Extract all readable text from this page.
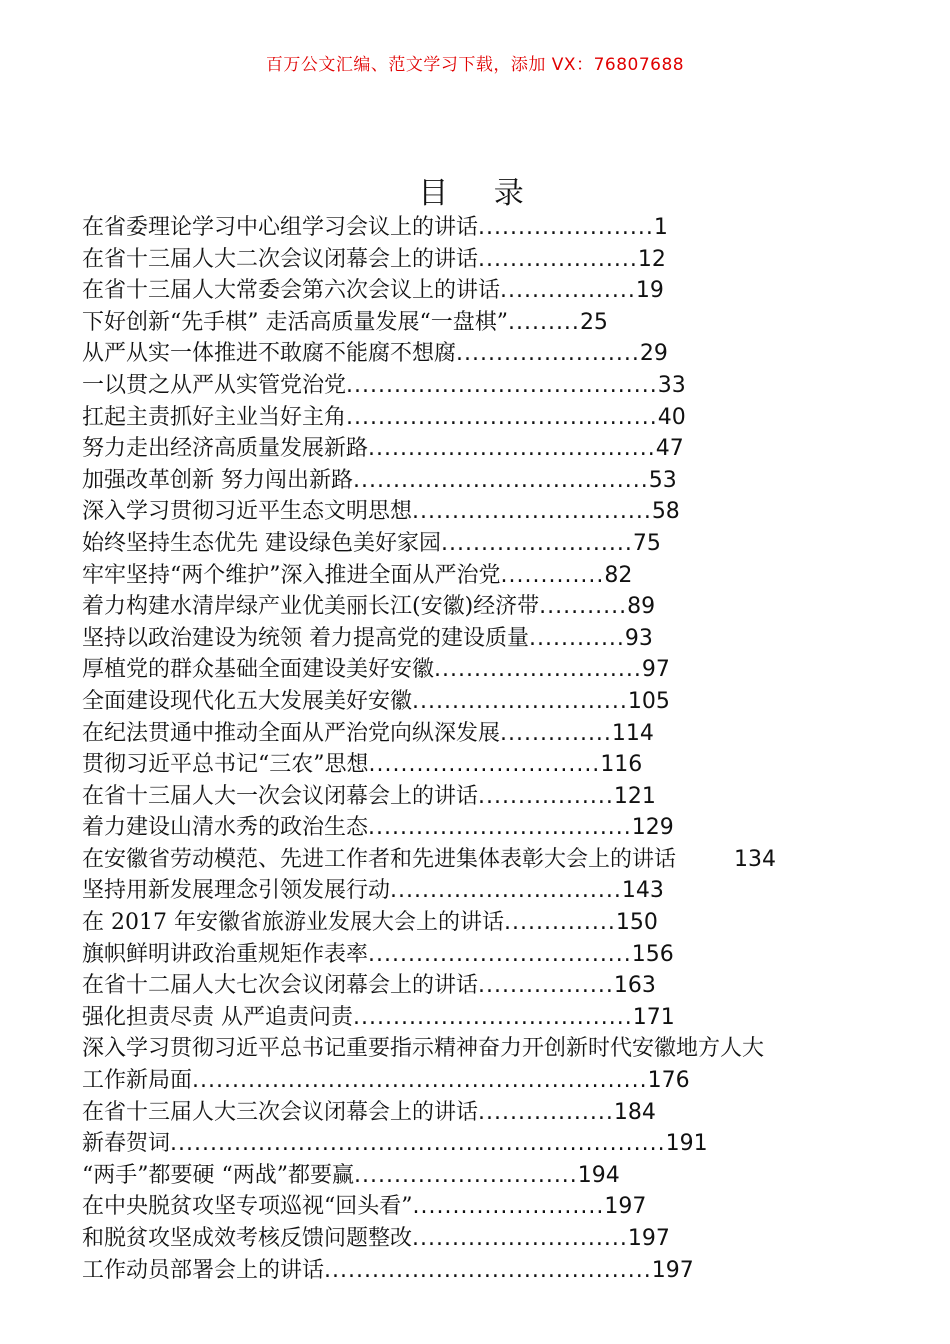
百万公文汇编、范文学习下载，添加 VX：76807688
目 录
在省委理论学习中心组学习会议上的讲话......................1
在省十三届人大二次会议闭幕会上的讲话....................12
在省十三届人大常委会第六次会议上的讲话.................19
下好创新“先手棋” 走活高质量发展“一盘棋”.........25
从严从实一体推进不敢腐不能腐不想腐.......................29
一以贯之从严从实管党治党.......................................33
扛起主责抓好主业当好主角.......................................40
努力走出经济高质量发展新路....................................47
加强改革创新 努力闯出新路.....................................53
深入学习贯彻习近平生态文明思想..............................58
始终坚持生态优先 建设绿色美好家园........................75
牢牢坚持“两个维护”深入推进全面从严治党.............82
着力构建水清岸绿产业优美丽长江(安徽)经济带...........89
坚持以政治建设为统领 着力提高党的建设质量............93
厚植党的群众基础全面建设美好安徽..........................97
全面建设现代化五大发展美好安徽...........................105
在纪法贯通中推动全面从严治党向纵深发展..............114
贯彻习近平总书记“三农”思想.............................116
在省十三届人大一次会议闭幕会上的讲话.................121
着力建设山清水秀的政治生态.................................129
在安徽省劳动模范、先进工作者和先进集体表彰大会上的讲话	134
坚持用新发展理念引领发展行动.............................143
在 2017 年安徽省旅游业发展大会上的讲话..............150
旗帜鲜明讲政治重规矩作表率.................................156
在省十二届人大七次会议闭幕会上的讲话.................163
强化担责尽责 从严追责问责...................................171
深入学习贯彻习近平总书记重要指示精神奋力开创新时代安徽地方人大
工作新局面.........................................................176
在省十三届人大三次会议闭幕会上的讲话.................184
新春贺词..............................................................191
“两手”都要硬 “两战”都要赢............................194
在中央脱贫攻坚专项巡视“回头看”........................197
和脱贫攻坚成效考核反馈问题整改...........................197
工作动员部署会上的讲话.........................................197
